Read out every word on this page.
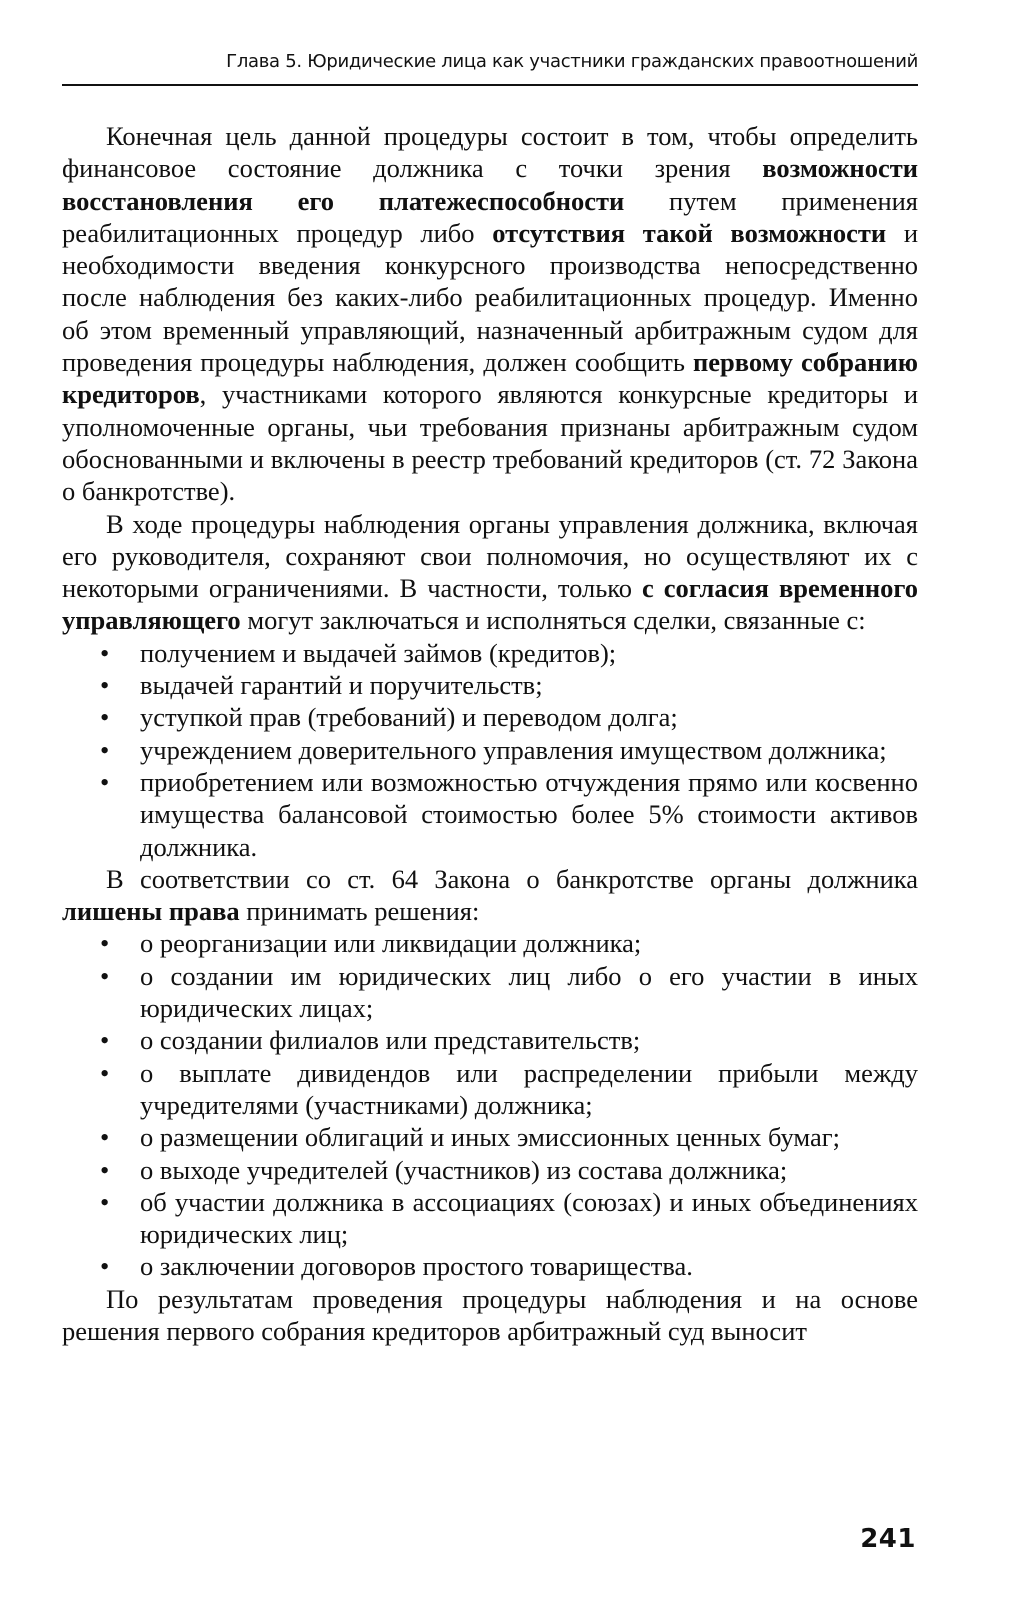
Глава 5. Юридические лица как участники гражданских правоотношений

Конечная цель данной процедуры состоит в том, чтобы определить финансовое состояние должника с точки зрения возможности восстановления его платежеспособности путем применения реабилитационных процедур либо отсутствия такой возможности и необходимости введения конкурсного производства непосредственно после наблюдения без каких-либо реабилитационных процедур. Именно об этом временный управляющий, назначенный арбитражным судом для проведения процедуры наблюдения, должен сообщить первому собранию кредиторов, участниками которого являются конкурсные кредиторы и уполномоченные органы, чьи требования признаны арбитражным судом обоснованными и включены в реестр требований кредиторов (ст. 72 Закона о банкротстве).

В ходе процедуры наблюдения органы управления должника, включая его руководителя, сохраняют свои полномочия, но осуществляют их с некоторыми ограничениями. В частности, только с согласия временного управляющего могут заключаться и исполняться сделки, связанные с:

• получением и выдачей займов (кредитов);
• выдачей гарантий и поручительств;
• уступкой прав (требований) и переводом долга;
• учреждением доверительного управления имуществом должника;
• приобретением или возможностью отчуждения прямо или косвенно имущества балансовой стоимостью более 5% стоимости активов должника.

В соответствии со ст. 64 Закона о банкротстве органы должника лишены права принимать решения:

• о реорганизации или ликвидации должника;
• о создании им юридических лиц либо о его участии в иных юридических лицах;
• о создании филиалов или представительств;
• о выплате дивидендов или распределении прибыли между учредителями (участниками) должника;
• о размещении облигаций и иных эмиссионных ценных бумаг;
• о выходе учредителей (участников) из состава должника;
• об участии должника в ассоциациях (союзах) и иных объединениях юридических лиц;
• о заключении договоров простого товарищества.

По результатам проведения процедуры наблюдения и на основе решения первого собрания кредиторов арбитражный суд выносит

241
